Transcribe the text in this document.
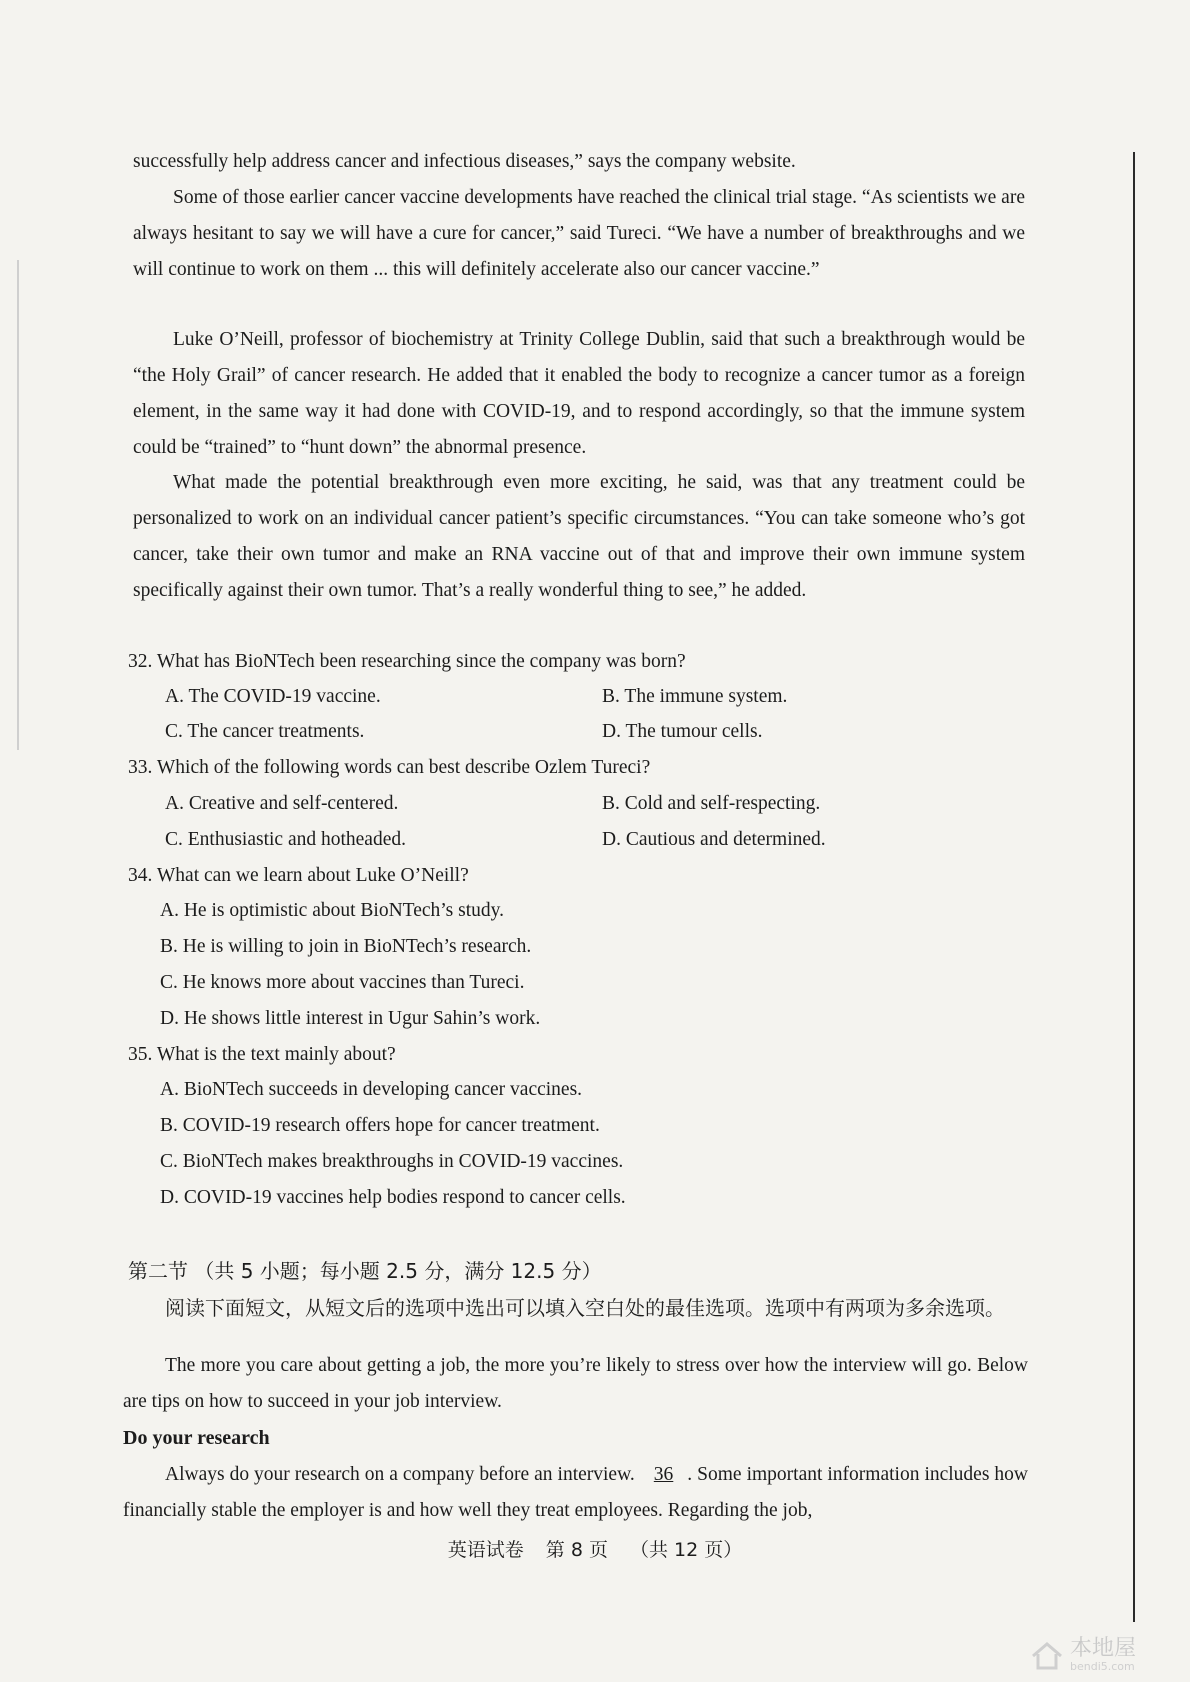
successfully help address cancer and infectious diseases,” says the company website.

Some of those earlier cancer vaccine developments have reached the clinical trial stage. “As scientists we are always hesitant to say we will have a cure for cancer,” said Tureci. “We have a number of breakthroughs and we will continue to work on them ... this will definitely accelerate also our cancer vaccine.”

Luke O’Neill, professor of biochemistry at Trinity College Dublin, said that such a breakthrough would be “the Holy Grail” of cancer research. He added that it enabled the body to recognize a cancer tumor as a foreign element, in the same way it had done with COVID-19, and to respond accordingly, so that the immune system could be “trained” to “hunt down” the abnormal presence.

What made the potential breakthrough even more exciting, he said, was that any treatment could be personalized to work on an individual cancer patient’s specific circumstances. “You can take someone who’s got cancer, take their own tumor and make an RNA vaccine out of that and improve their own immune system specifically against their own tumor. That’s a really wonderful thing to see,” he added.

32. What has BioNTech been researching since the company was born?

A. The COVID-19 vaccine.	B. The immune system.

C. The cancer treatments.	D. The tumour cells.

33. Which of the following words can best describe Ozlem Tureci?

A. Creative and self-centered.	B. Cold and self-respecting.

C. Enthusiastic and hotheaded.	D. Cautious and determined.

34. What can we learn about Luke O’Neill?

A. He is optimistic about BioNTech’s study.

B. He is willing to join in BioNTech’s research.

C. He knows more about vaccines than Tureci.

D. He shows little interest in Ugur Sahin’s work.

35. What is the text mainly about?

A. BioNTech succeeds in developing cancer vaccines.

B. COVID-19 research offers hope for cancer treatment.

C. BioNTech makes breakthroughs in COVID-19 vaccines.

D. COVID-19 vaccines help bodies respond to cancer cells.

第二节 （共 5 小题；每小题 2.5 分，满分 12.5 分）

阅读下面短文，从短文后的选项中选出可以填入空白处的最佳选项。选项中有两项为多余选项。

The more you care about getting a job, the more you’re likely to stress over how the interview will go. Below are tips on how to succeed in your job interview.

Do your research

Always do your research on a company before an interview. 36 . Some important information includes how financially stable the employer is and how well they treat employees. Regarding the job,

英语试卷 第 8 页 （共 12 页）
本地屋
bendi5.com
